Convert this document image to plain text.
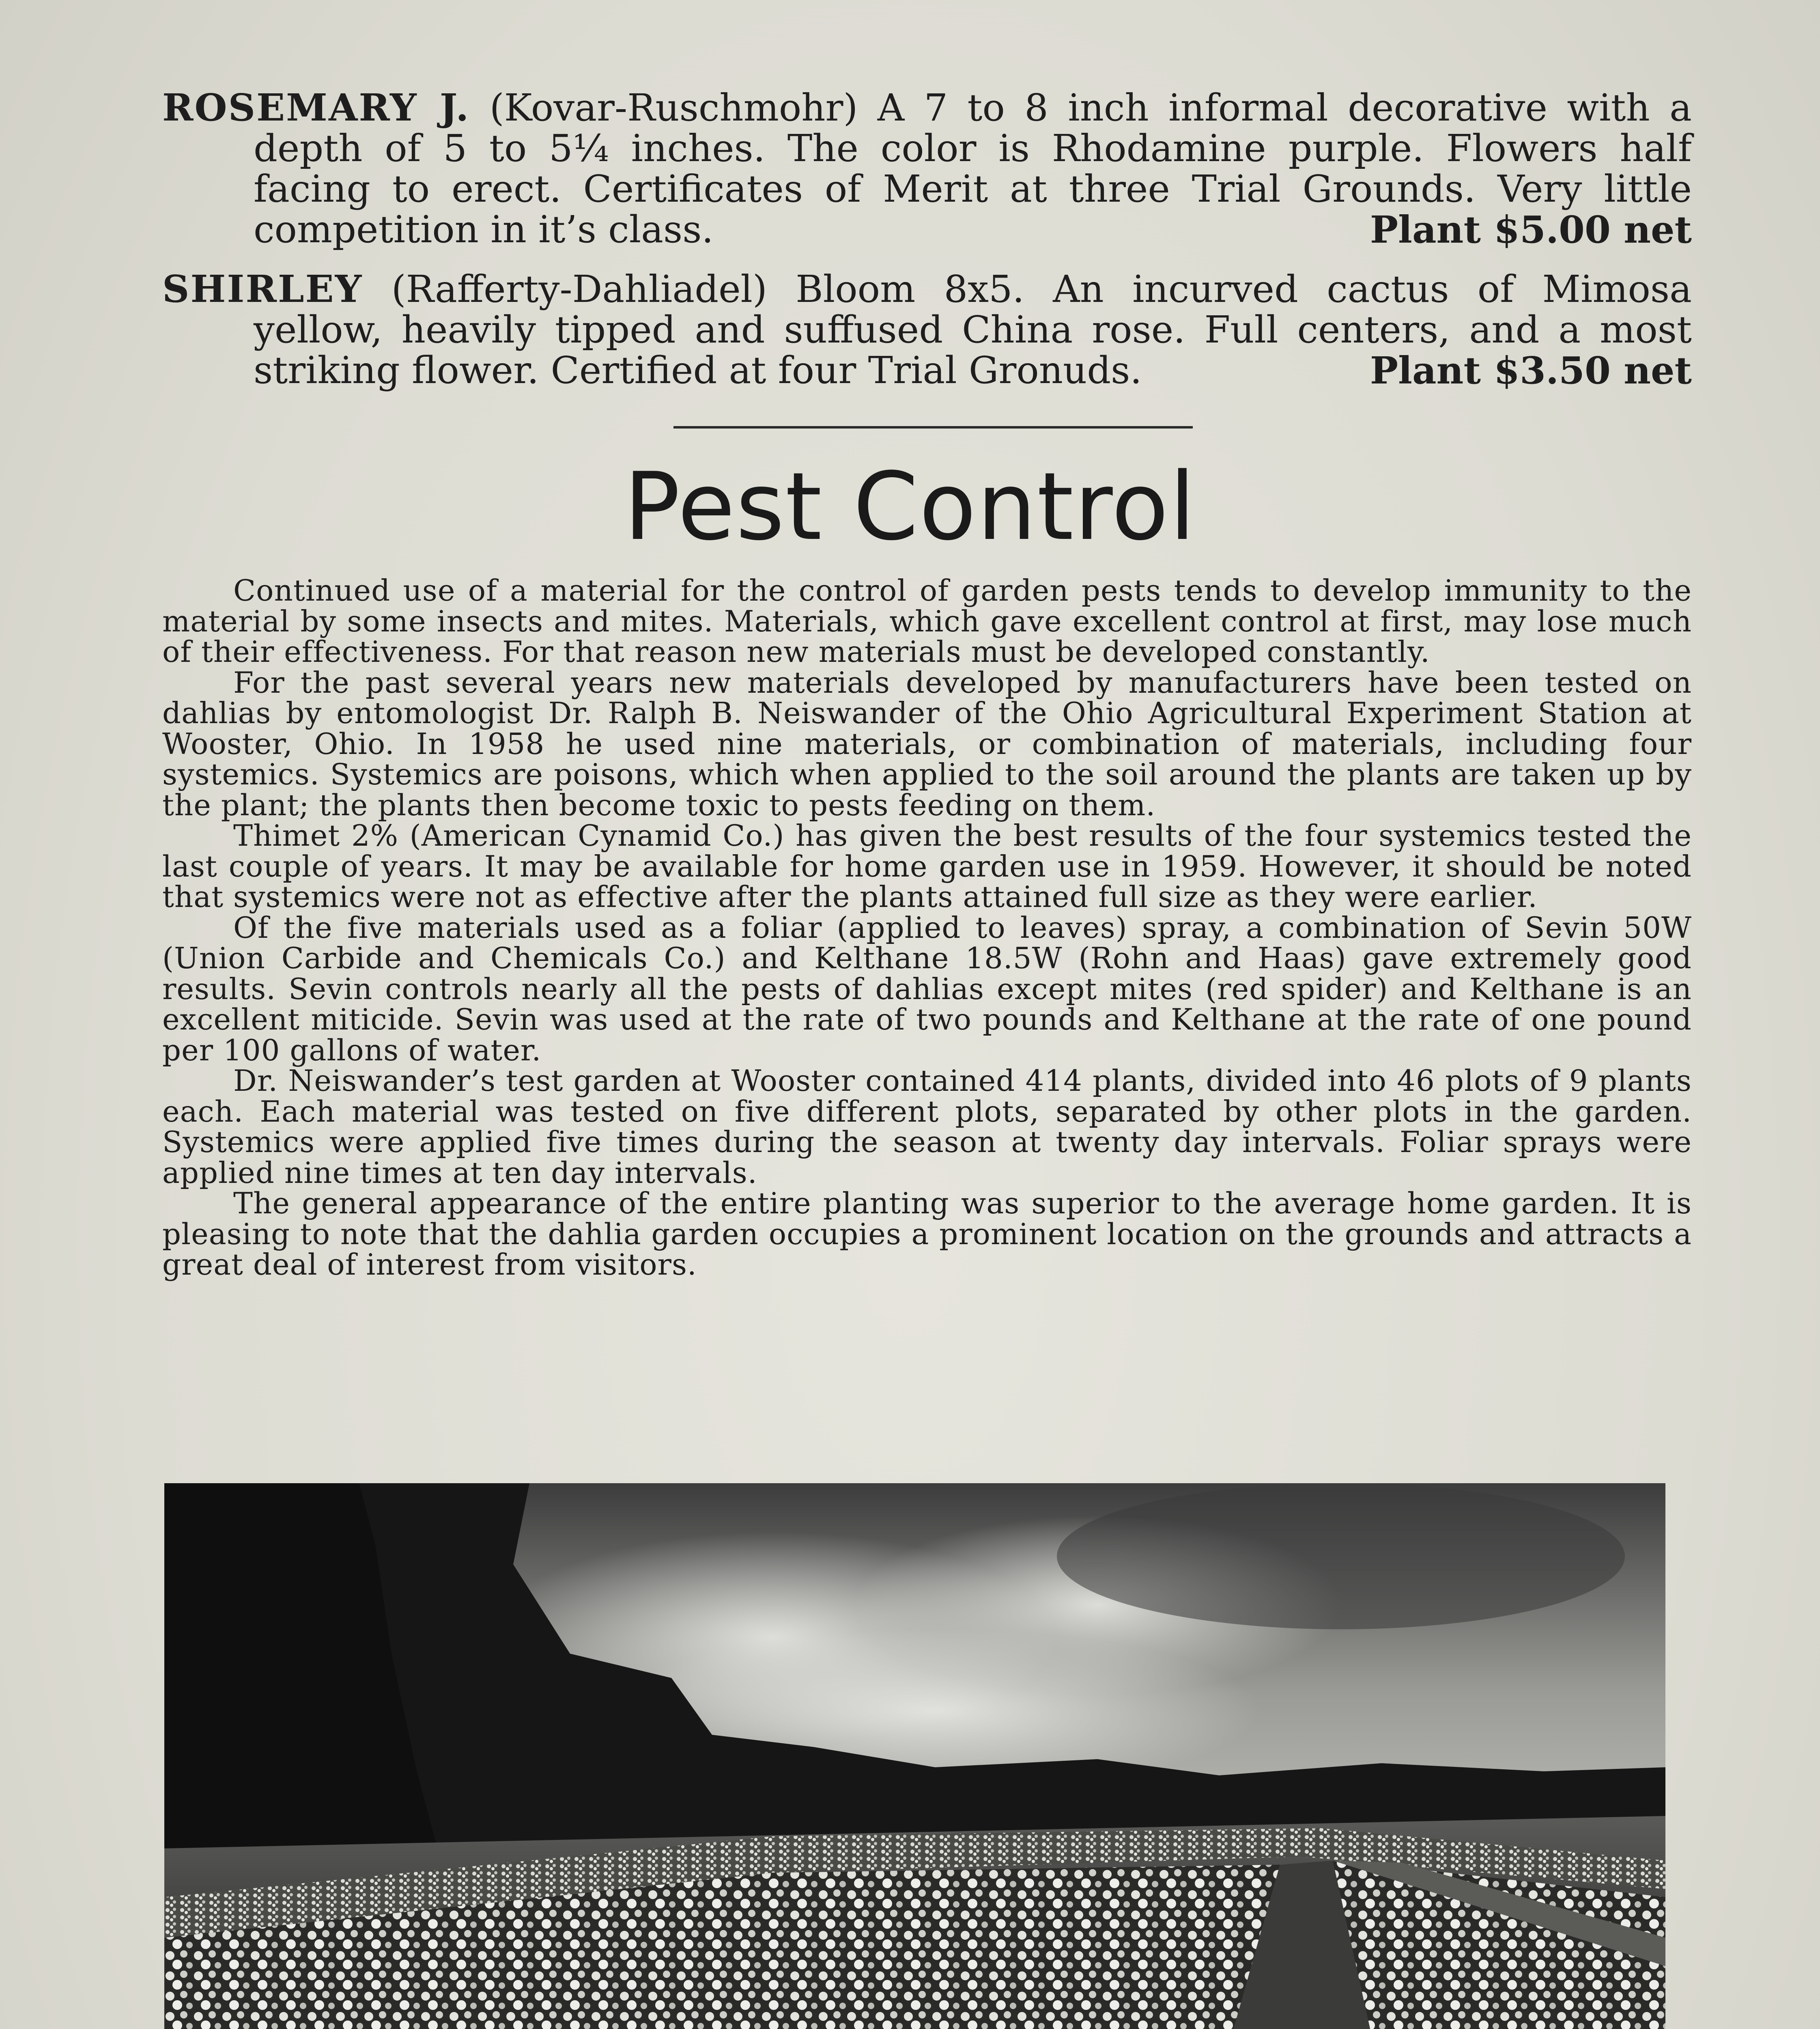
ROSEMARY J. (Kovar-Ruschmohr) A 7 to 8 inch informal decorative with a depth of 5 to 5¼ inches. The color is Rhodamine purple. Flowers half facing to erect. Certificates of Merit at three Trial Grounds. Very little competition in it’s class.	Plant $5.00 net

SHIRLEY (Rafferty-Dahliadel) Bloom 8x5. An incurved cactus of Mimosa yellow, heavily tipped and suffused China rose. Full centers, and a most striking flower. Certified at four Trial Gronuds.	Plant $3.50 net

Pest Control

Continued use of a material for the control of garden pests tends to develop immunity to the material by some insects and mites. Materials, which gave excellent control at first, may lose much of their effectiveness. For that reason new materials must be developed constantly.

For the past several years new materials developed by manufacturers have been tested on dahlias by entomologist Dr. Ralph B. Neiswander of the Ohio Agricultural Experiment Station at Wooster, Ohio. In 1958 he used nine materials, or combination of materials, including four systemics. Systemics are poisons, which when applied to the soil around the plants are taken up by the plant; the plants then become toxic to pests feeding on them.

Thimet 2% (American Cynamid Co.) has given the best results of the four systemics tested the last couple of years. It may be available for home garden use in 1959. However, it should be noted that systemics were not as effective after the plants attained full size as they were earlier.

Of the five materials used as a foliar (applied to leaves) spray, a combination of Sevin 50W (Union Carbide and Chemicals Co.) and Kelthane 18.5W (Rohn and Haas) gave extremely good results. Sevin controls nearly all the pests of dahlias except mites (red spider) and Kelthane is an excellent miticide. Sevin was used at the rate of two pounds and Kelthane at the rate of one pound per 100 gallons of water.

Dr. Neiswander’s test garden at Wooster contained 414 plants, divided into 46 plots of 9 plants each. Each material was tested on five different plots, separated by other plots in the garden. Systemics were applied five times during the season at twenty day intervals. Foliar sprays were applied nine times at ten day intervals.

The general appearance of the entire planting was superior to the average home garden. It is pleasing to note that the dahlia garden occupies a prominent location on the grounds and attracts a great deal of interest from visitors.
